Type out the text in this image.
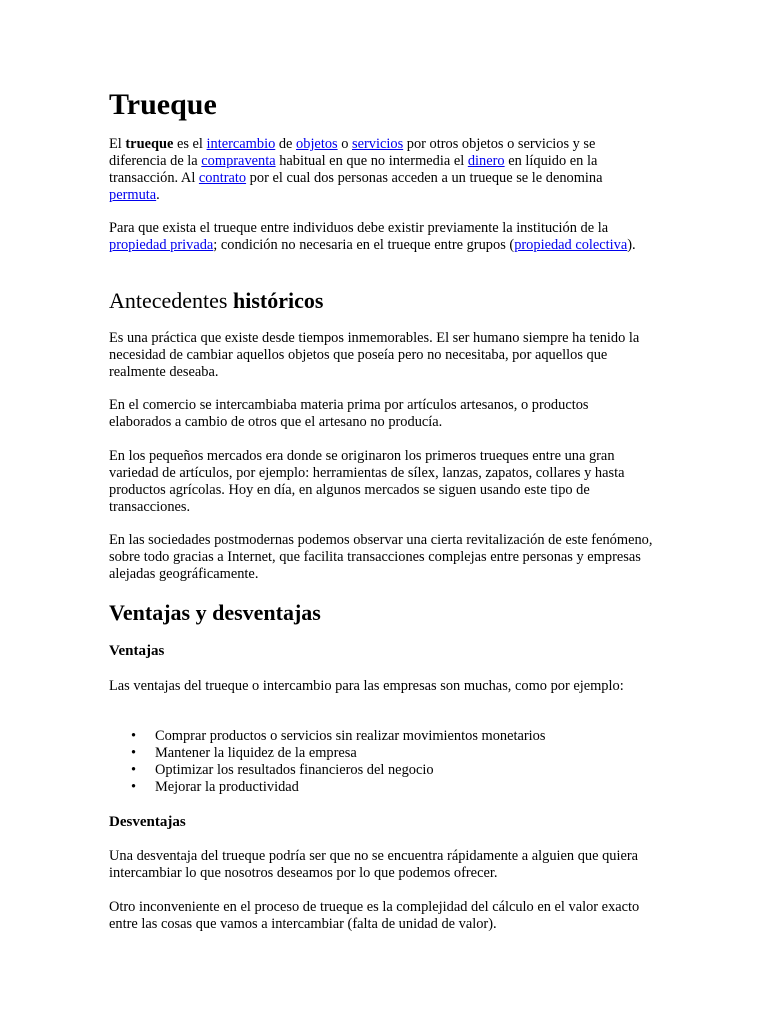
Trueque

El trueque es el intercambio de objetos o servicios por otros objetos o servicios y se diferencia de la compraventa habitual en que no intermedia el dinero en líquido en la transacción. Al contrato por el cual dos personas acceden a un trueque se le denomina permuta.

Para que exista el trueque entre individuos debe existir previamente la institución de la propiedad privada; condición no necesaria en el trueque entre grupos (propiedad colectiva).

Antecedentes históricos

Es una práctica que existe desde tiempos inmemorables. El ser humano siempre ha tenido la necesidad de cambiar aquellos objetos que poseía pero no necesitaba, por aquellos que realmente deseaba.

En el comercio se intercambiaba materia prima por artículos artesanos, o productos elaborados a cambio de otros que el artesano no producía.

En los pequeños mercados era donde se originaron los primeros trueques entre una gran variedad de artículos, por ejemplo: herramientas de sílex, lanzas, zapatos, collares y hasta productos agrícolas. Hoy en día, en algunos mercados se siguen usando este tipo de transacciones.

En las sociedades postmodernas podemos observar una cierta revitalización de este fenómeno, sobre todo gracias a Internet, que facilita transacciones complejas entre personas y empresas alejadas geográficamente.

Ventajas y desventajas
Ventajas

Las ventajas del trueque o intercambio para las empresas son muchas, como por ejemplo:

• Comprar productos o servicios sin realizar movimientos monetarios
• Mantener la liquidez de la empresa
• Optimizar los resultados financieros del negocio
• Mejorar la productividad
Desventajas

Una desventaja del trueque podría ser que no se encuentra rápidamente a alguien que quiera intercambiar lo que nosotros deseamos por lo que podemos ofrecer.

Otro inconveniente en el proceso de trueque es la complejidad del cálculo en el valor exacto entre las cosas que vamos a intercambiar (falta de unidad de valor).
